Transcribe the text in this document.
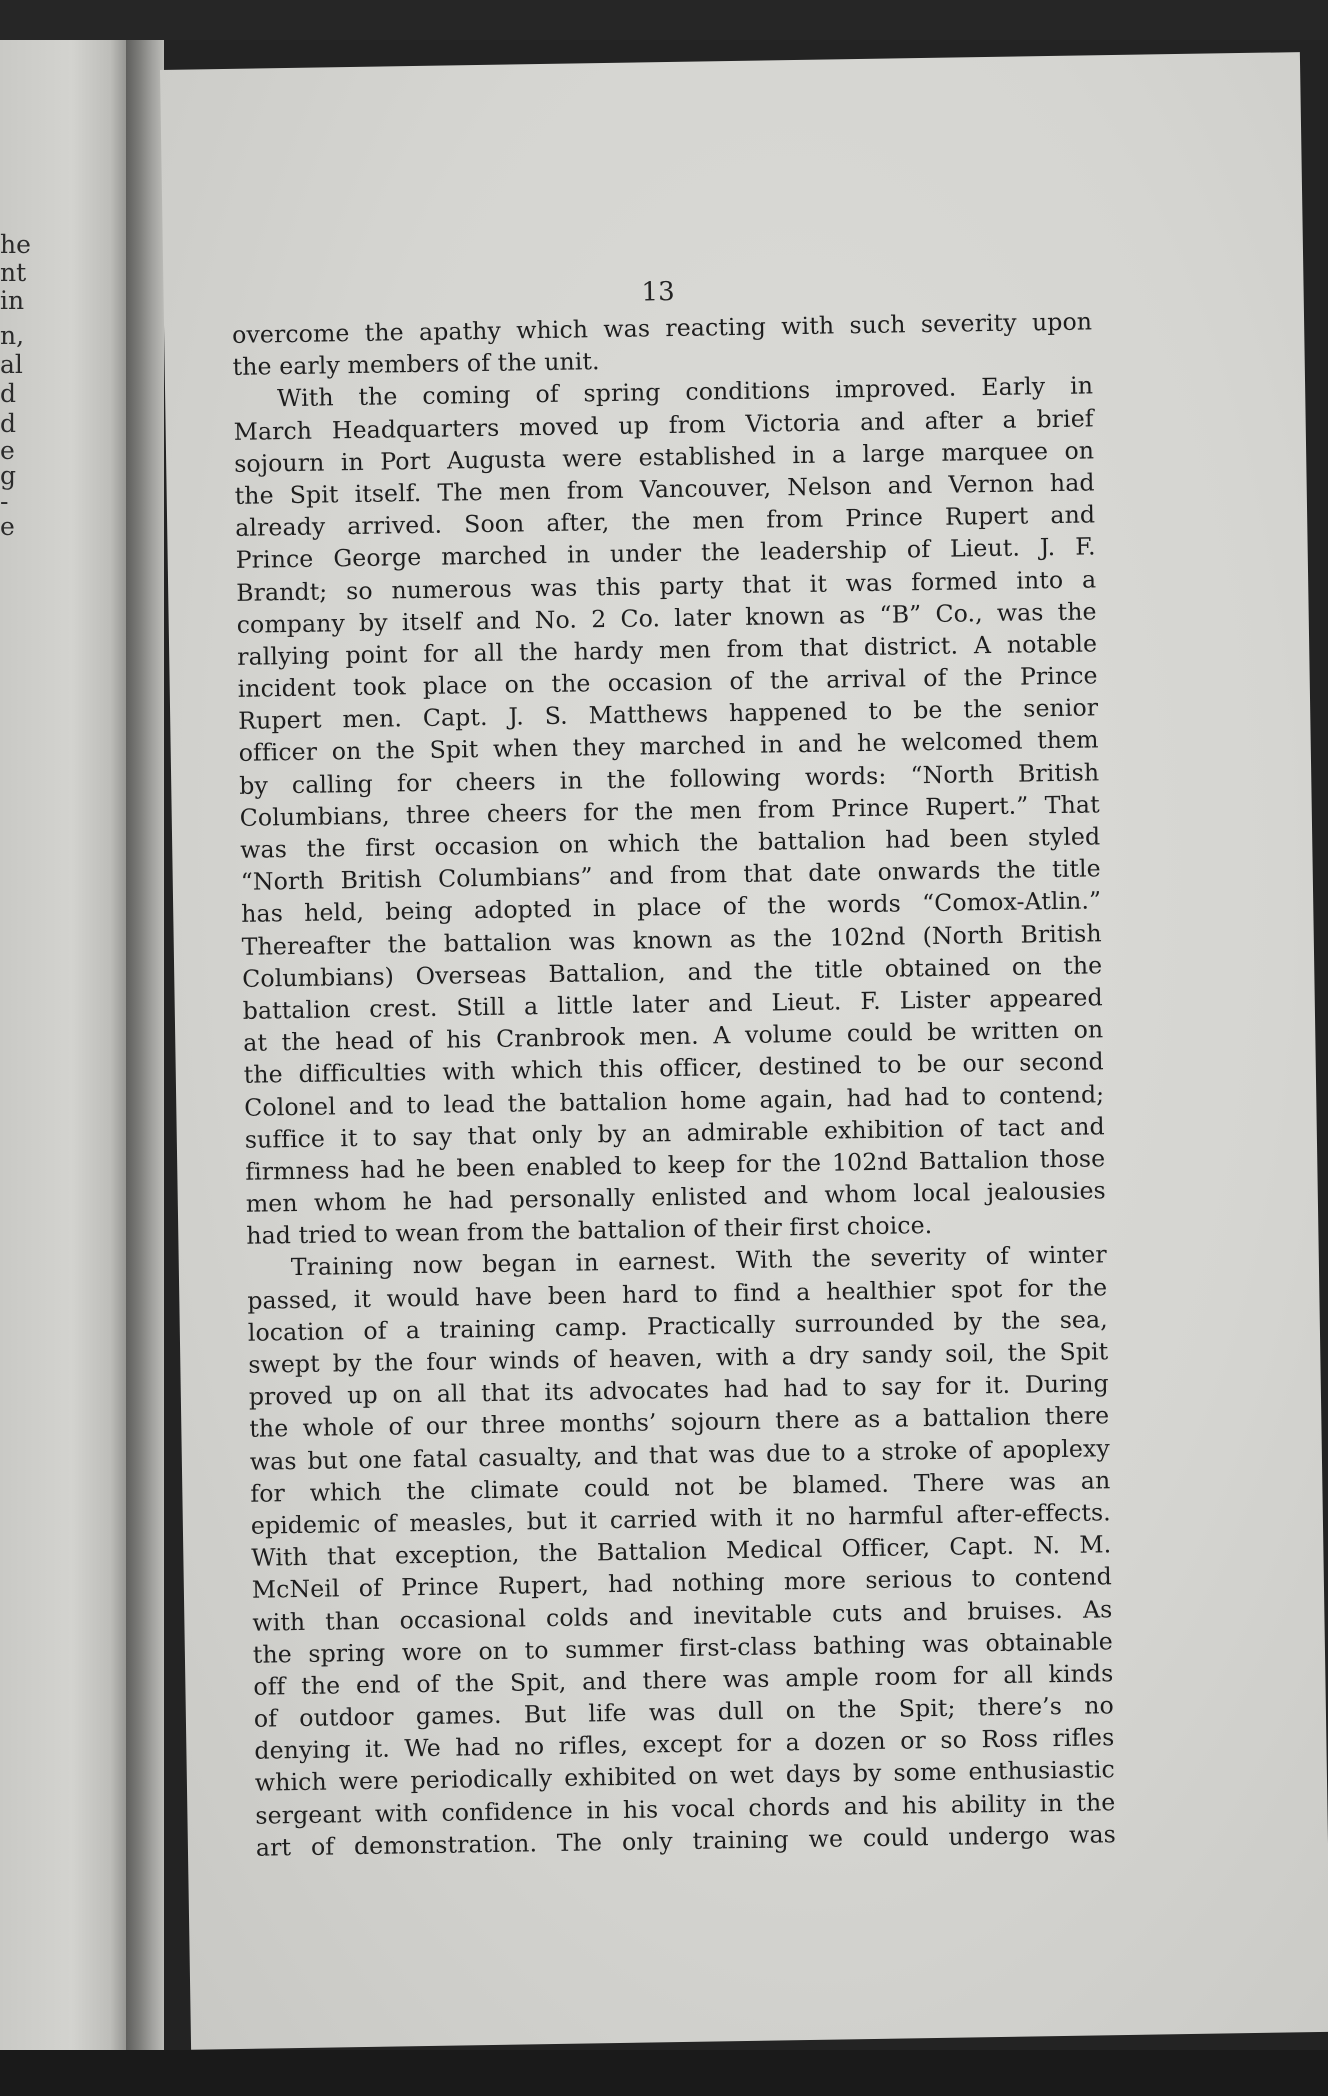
he
nt
in
n,
al
d
d
e
g
-
e
13
overcome the apathy which was reacting with such severity upon
the early members of the unit.
With the coming of spring conditions improved. Early in
March Headquarters moved up from Victoria and after a brief
sojourn in Port Augusta were established in a large marquee on
the Spit itself. The men from Vancouver, Nelson and Vernon had
already arrived. Soon after, the men from Prince Rupert and
Prince George marched in under the leadership of Lieut. J. F.
Brandt; so numerous was this party that it was formed into a
company by itself and No. 2 Co. later known as “B” Co., was the
rallying point for all the hardy men from that district. A notable
incident took place on the occasion of the arrival of the Prince
Rupert men. Capt. J. S. Matthews happened to be the senior
officer on the Spit when they marched in and he welcomed them
by calling for cheers in the following words: “North British
Columbians, three cheers for the men from Prince Rupert.” That
was the first occasion on which the battalion had been styled
“North British Columbians” and from that date onwards the title
has held, being adopted in place of the words “Comox-Atlin.”
Thereafter the battalion was known as the 102nd (North British
Columbians) Overseas Battalion, and the title obtained on the
battalion crest. Still a little later and Lieut. F. Lister appeared
at the head of his Cranbrook men. A volume could be written on
the difficulties with which this officer, destined to be our second
Colonel and to lead the battalion home again, had had to contend;
suffice it to say that only by an admirable exhibition of tact and
firmness had he been enabled to keep for the 102nd Battalion those
men whom he had personally enlisted and whom local jealousies
had tried to wean from the battalion of their first choice.
Training now began in earnest. With the severity of winter
passed, it would have been hard to find a healthier spot for the
location of a training camp. Practically surrounded by the sea,
swept by the four winds of heaven, with a dry sandy soil, the Spit
proved up on all that its advocates had had to say for it. During
the whole of our three months’ sojourn there as a battalion there
was but one fatal casualty, and that was due to a stroke of apoplexy
for which the climate could not be blamed. There was an
epidemic of measles, but it carried with it no harmful after-effects.
With that exception, the Battalion Medical Officer, Capt. N. M.
McNeil of Prince Rupert, had nothing more serious to contend
with than occasional colds and inevitable cuts and bruises. As
the spring wore on to summer first-class bathing was obtainable
off the end of the Spit, and there was ample room for all kinds
of outdoor games. But life was dull on the Spit; there’s no
denying it. We had no rifles, except for a dozen or so Ross rifles
which were periodically exhibited on wet days by some enthusiastic
sergeant with confidence in his vocal chords and his ability in the
art of demonstration. The only training we could undergo was
